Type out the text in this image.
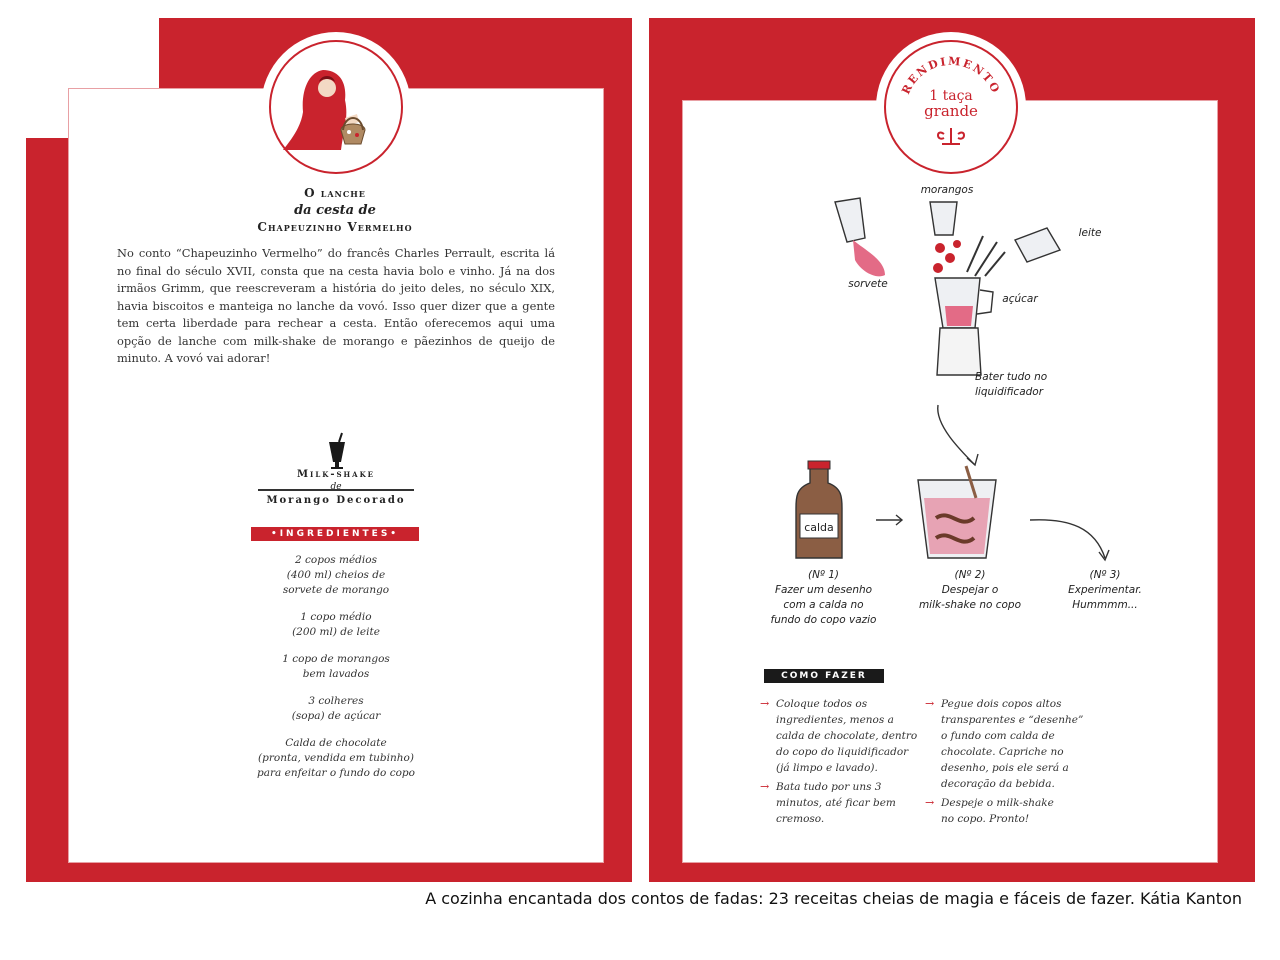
O lanche
da cesta de
Chapeuzinho Vermelho
No conto “Chapeuzinho Vermelho” do francês Charles Perrault, escrita lá no final do século XVII, consta que na cesta havia bolo e vinho. Já na dos irmãos Grimm, que reescreveram a história do jeito deles, no século XIX, havia biscoitos e manteiga no lanche da vovó. Isso quer dizer que a gente tem certa liberdade para rechear a cesta. Então oferecemos aqui uma opção de lanche com milk-shake de morango e pãezinhos de queijo de minuto. A vovó vai adorar!
Milk-shake
de
Morango Decorado
•INGREDIENTES•
2 copos médios
(400 ml) cheios de
sorvete de morango
1 copo médio
(200 ml) de leite
1 copo de morangos
bem lavados
3 colheres
(sopa) de açúcar
Calda de chocolate
(pronta, vendida em tubinho)
para enfeitar o fundo do copo
RENDIMENTO
1 taça
grande
morangos
leite
sorvete
açúcar
Bater tudo no
liquidificador
calda
(Nº 1)
Fazer um desenho
com a calda no
fundo do copo vazio
(Nº 2)
Despejar o
milk-shake no copo
(Nº 3)
Experimentar.
Hummmm...
COMO FAZER
→ Coloque todos os
ingredientes, menos a
calda de chocolate, dentro
do copo do liquidificador
(já limpo e lavado).
→ Bata tudo por uns 3
minutos, até ficar bem
cremoso.
→ Pegue dois copos altos
transparentes e “desenhe”
o fundo com calda de
chocolate. Capriche no
desenho, pois ele será a
decoração da bebida.
→ Despeje o milk-shake
no copo. Pronto!
A cozinha encantada dos contos de fadas: 23 receitas cheias de magia e fáceis de fazer. Kátia Kanton
